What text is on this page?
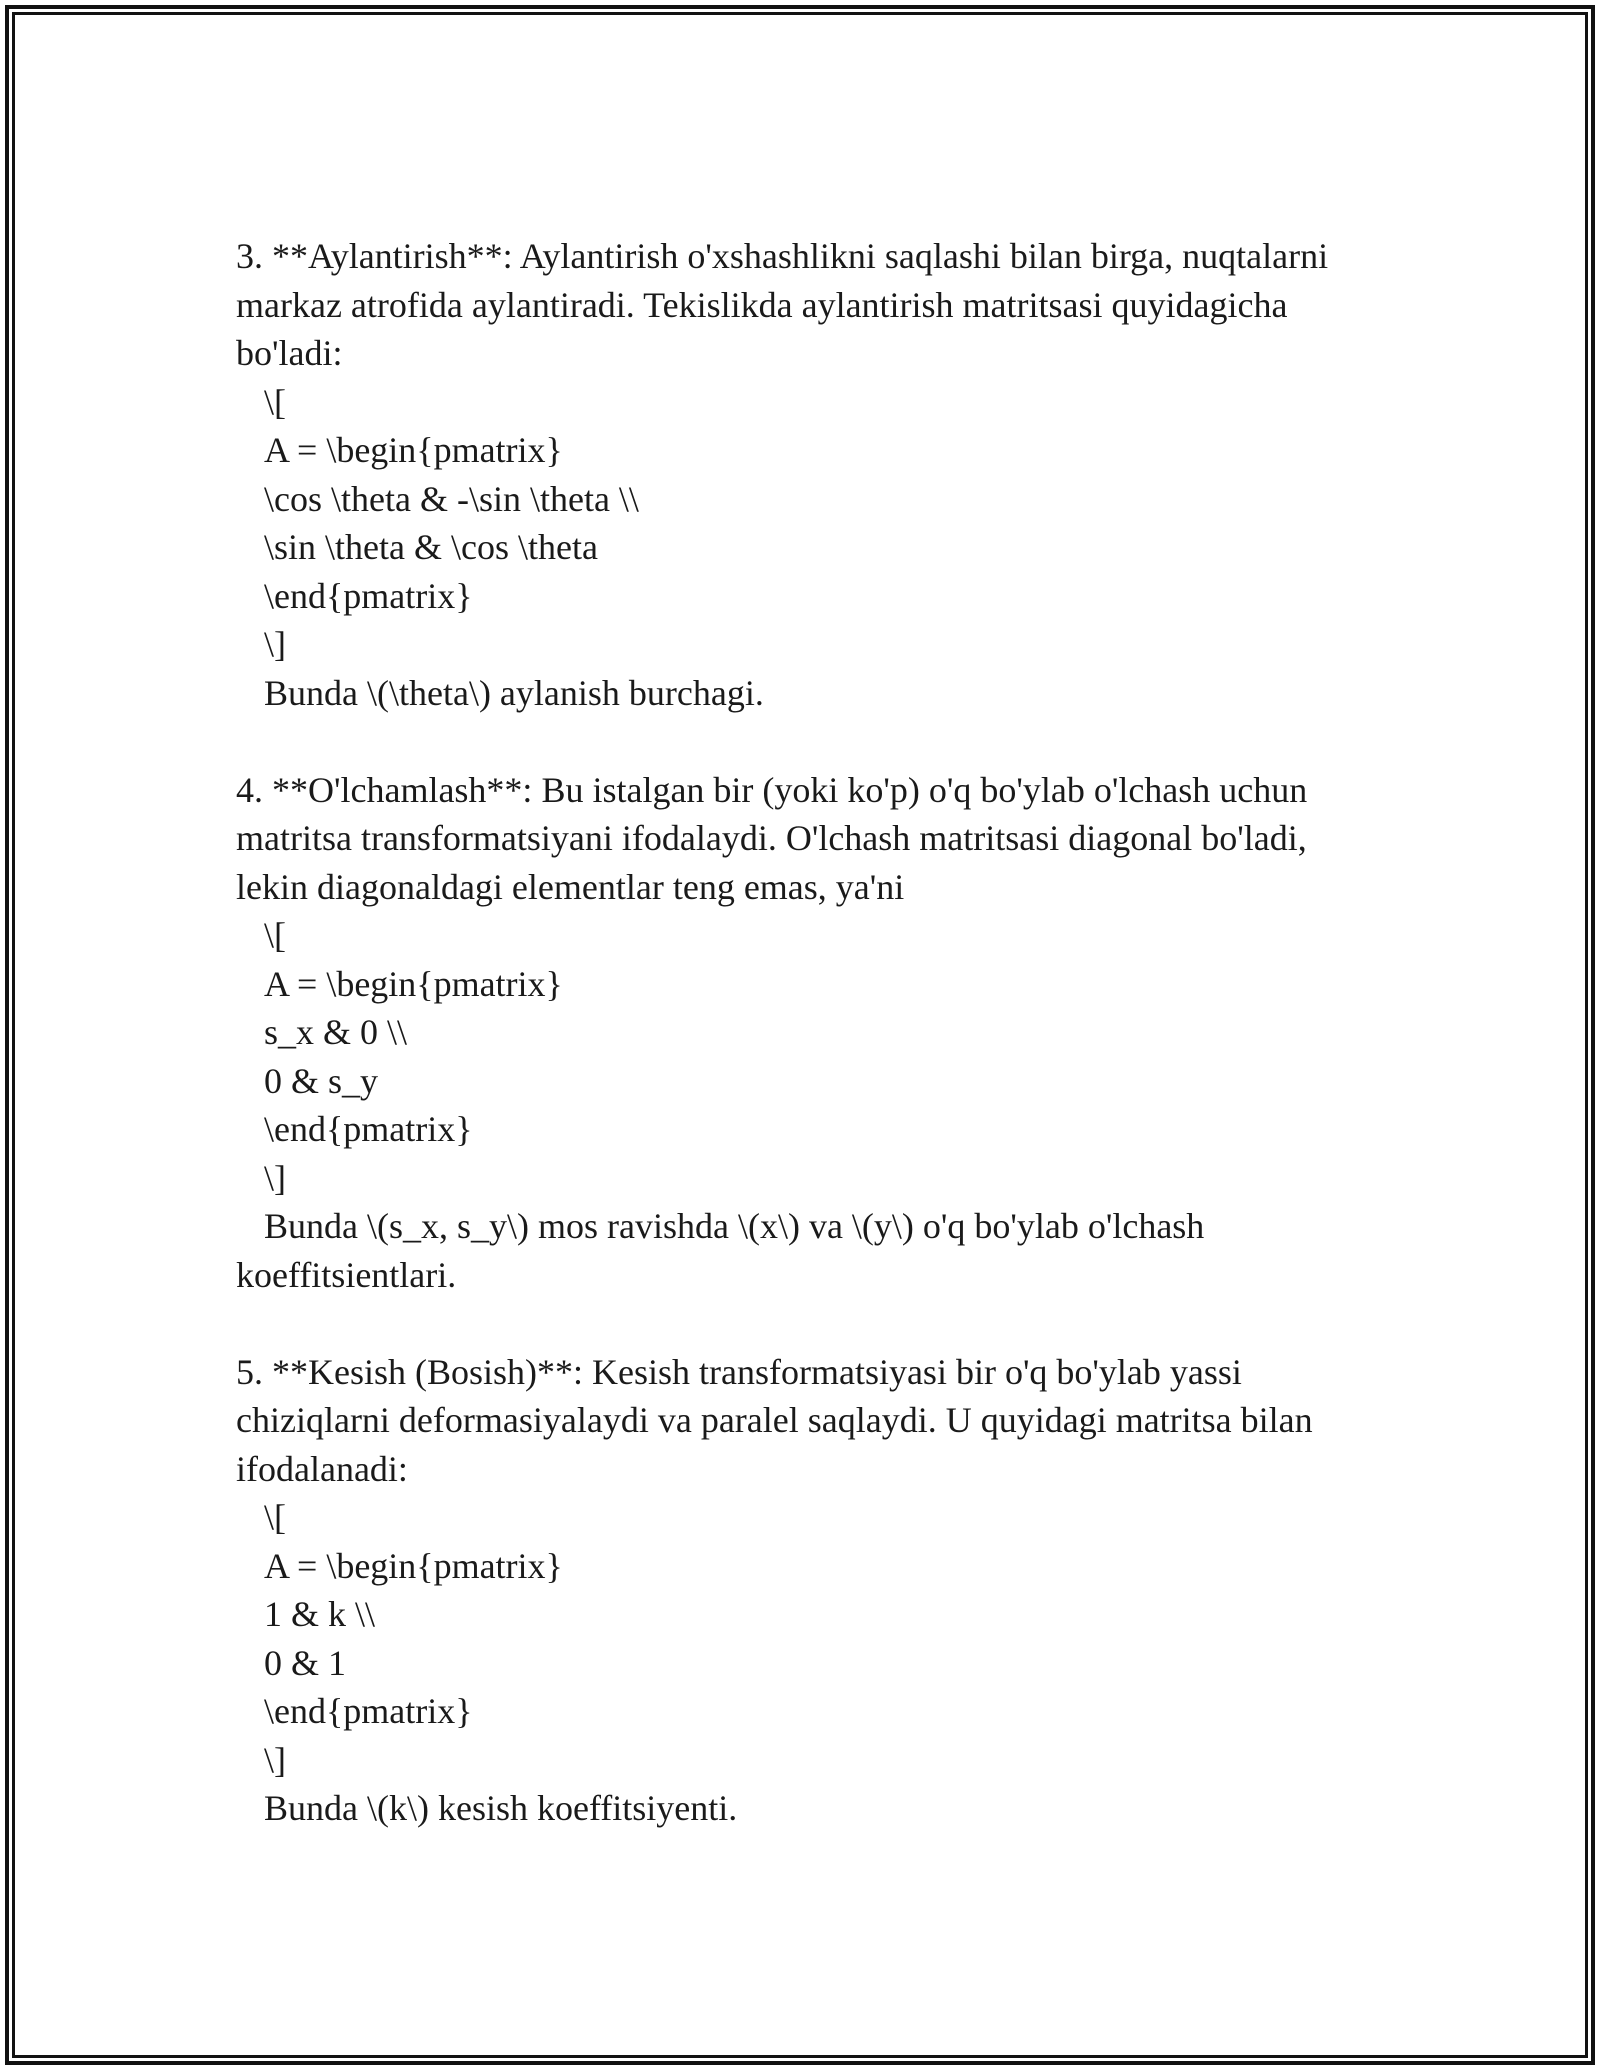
3. **Aylantirish**: Aylantirish o'xshashlikni saqlashi bilan birga, nuqtalarni

markaz atrofida aylantiradi. Tekislikda aylantirish matritsasi quyidagicha

bo'ladi:

\[

A = \begin{pmatrix}

\cos \theta & -\sin \theta \\

\sin \theta & \cos \theta

\end{pmatrix}

\]

Bunda \(\theta\) aylanish burchagi.

4. **O'lchamlash**: Bu istalgan bir (yoki ko'p) o'q bo'ylab o'lchash uchun

matritsa transformatsiyani ifodalaydi. O'lchash matritsasi diagonal bo'ladi,

lekin diagonaldagi elementlar teng emas, ya'ni

\[

A = \begin{pmatrix}

s_x & 0 \\

0 & s_y

\end{pmatrix}

\]

Bunda \(s_x, s_y\) mos ravishda \(x\) va \(y\) o'q bo'ylab o'lchash

koeffitsientlari.

5. **Kesish (Bosish)**: Kesish transformatsiyasi bir o'q bo'ylab yassi

chiziqlarni deformasiyalaydi va paralel saqlaydi. U quyidagi matritsa bilan

ifodalanadi:

\[

A = \begin{pmatrix}

1 & k \\

0 & 1

\end{pmatrix}

\]

Bunda \(k\) kesish koeffitsiyenti.
